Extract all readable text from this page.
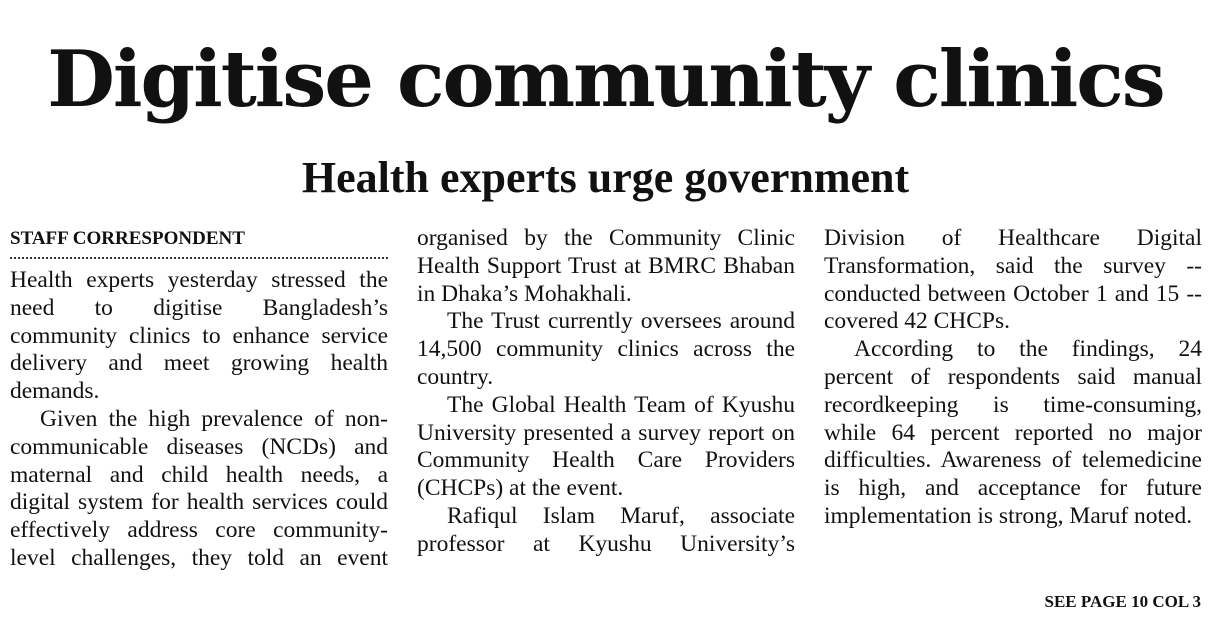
Digitise community clinics
Health experts urge government
STAFF CORRESPONDENT

Health experts yesterday stressed the need to digitise Bangladesh’s community clinics to enhance service delivery and meet growing health demands.

Given the high prevalence of non-communicable diseases (NCDs) and maternal and child health needs, a digital system for health services could effectively address core community-level challenges, they told an event

organised by the Community Clinic Health Support Trust at BMRC Bhaban in Dhaka’s Mohakhali.

The Trust currently oversees around 14,500 community clinics across the country.

The Global Health Team of Kyushu University presented a survey report on Community Health Care Providers (CHCPs) at the event.

Rafiqul Islam Maruf, associate professor at Kyushu University’s

Division of Healthcare Digital Transformation, said the survey -- conducted between October 1 and 15 -- covered 42 CHCPs.

According to the findings, 24 percent of respondents said manual recordkeeping is time-consuming, while 64 percent reported no major difficulties. Awareness of telemedicine is high, and acceptance for future implementation is strong, Maruf noted.

SEE PAGE 10 COL 3
